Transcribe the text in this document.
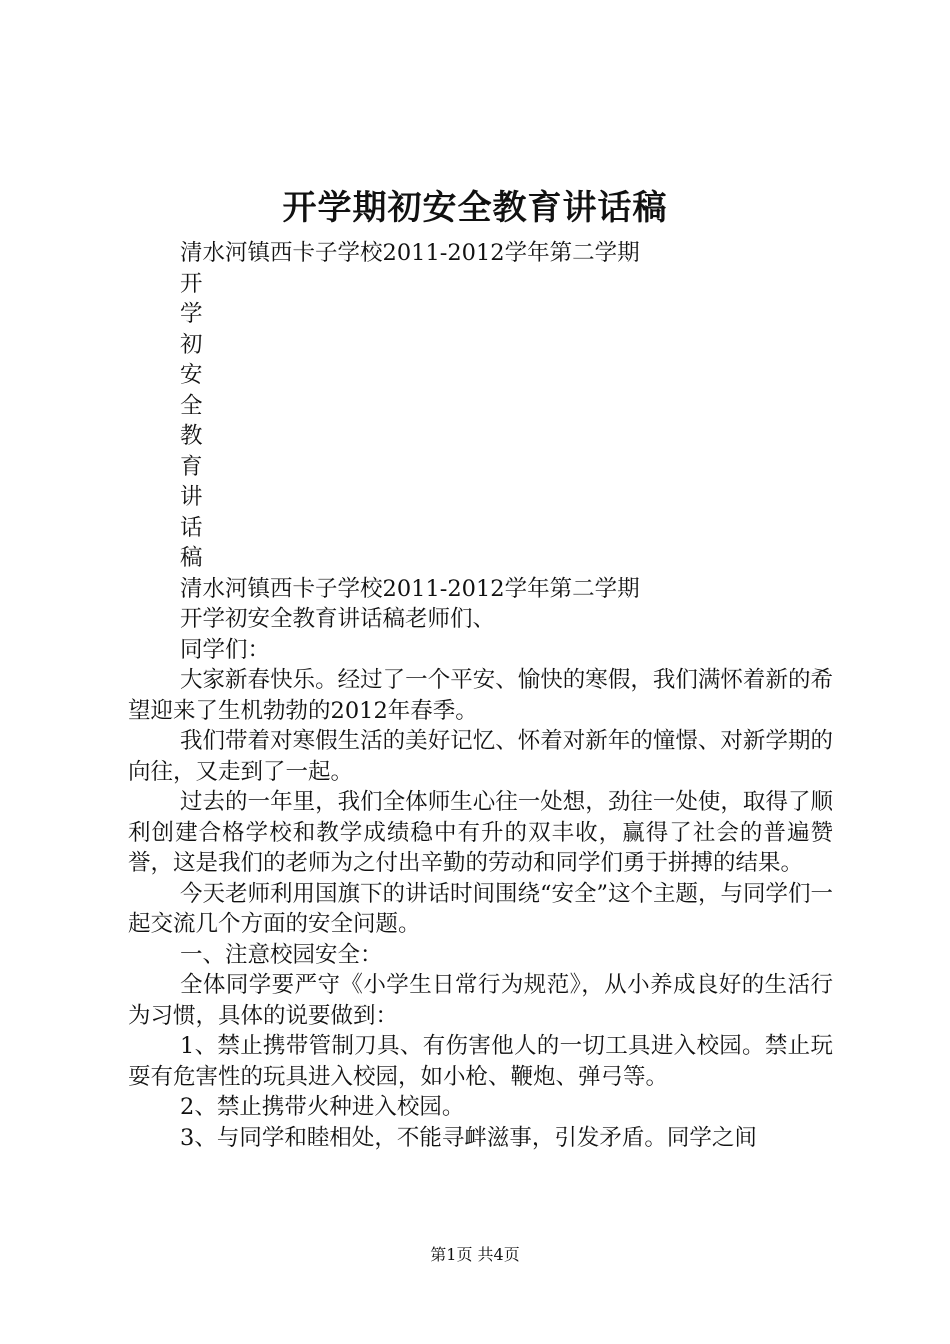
开学期初安全教育讲话稿
清水河镇西卡子学校2011-2012学年第二学期
开
学
初
安
全
教
育
讲
话
稿
清水河镇西卡子学校2011-2012学年第二学期
开学初安全教育讲话稿老师们、
同学们：

大家新春快乐。经过了一个平安、愉快的寒假，我们满怀着新的希望迎来了生机勃勃的2012年春季。

我们带着对寒假生活的美好记忆、怀着对新年的憧憬、对新学期的向往，又走到了一起。

过去的一年里，我们全体师生心往一处想，劲往一处使，取得了顺利创建合格学校和教学成绩稳中有升的双丰收，赢得了社会的普遍赞誉，这是我们的老师为之付出辛勤的劳动和同学们勇于拼搏的结果。

今天老师利用国旗下的讲话时间围绕“安全”这个主题，与同学们一起交流几个方面的安全问题。

一、注意校园安全：

全体同学要严守《小学生日常行为规范》，从小养成良好的生活行为习惯，具体的说要做到：

1、禁止携带管制刀具、有伤害他人的一切工具进入校园。禁止玩耍有危害性的玩具进入校园，如小枪、鞭炮、弹弓等。

2、禁止携带火种进入校园。

3、与同学和睦相处，不能寻衅滋事，引发矛盾。同学之间

第1页 共4页
